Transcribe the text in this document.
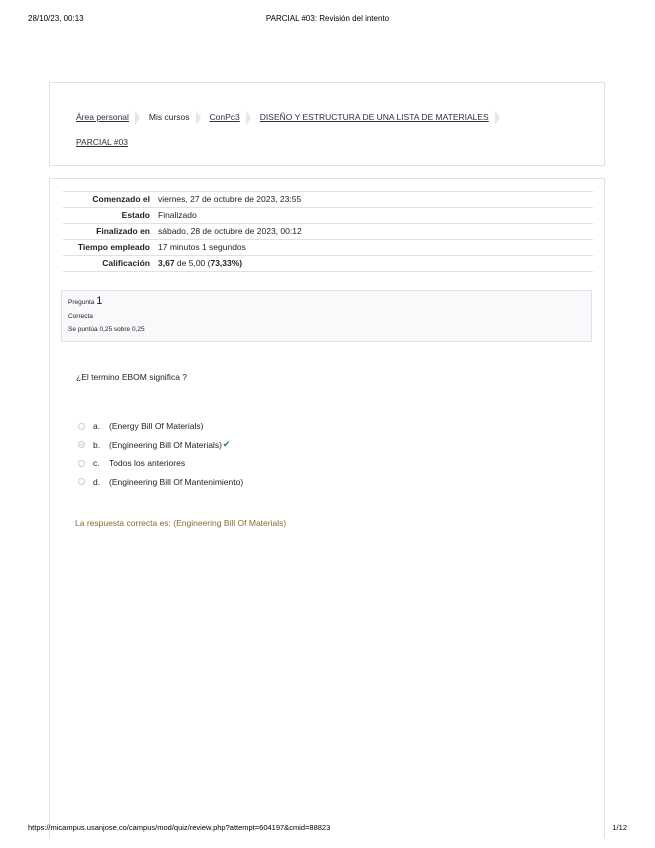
28/10/23, 00:13	PARCIAL #03: Revisión del intento
Área personal Mis cursos ConPc3 DISEÑO Y ESTRUCTURA DE UNA LISTA DE MATERIALES
PARCIAL #03
Comenzado el	viernes, 27 de octubre de 2023, 23:55
Estado	Finalizado
Finalizado en	sábado, 28 de octubre de 2023, 00:12
Tiempo empleado	17 minutos 1 segundos
Calificación	3,67 de 5,00 (73,33%)
Pregunta 1
Correcta
Se puntúa 0,25 sobre 0,25
¿El termino EBOM significa ?
a.	(Energy Bill Of Materials)
b.	(Engineering Bill Of Materials) ✔
c.	Todos los anteriores
d.	(Engineering Bill Of Mantenimiento)
La respuesta correcta es: (Engineering Bill Of Materials)
https://micampus.usanjose.co/campus/mod/quiz/review.php?attempt=604197&cmid=88823	1/12
